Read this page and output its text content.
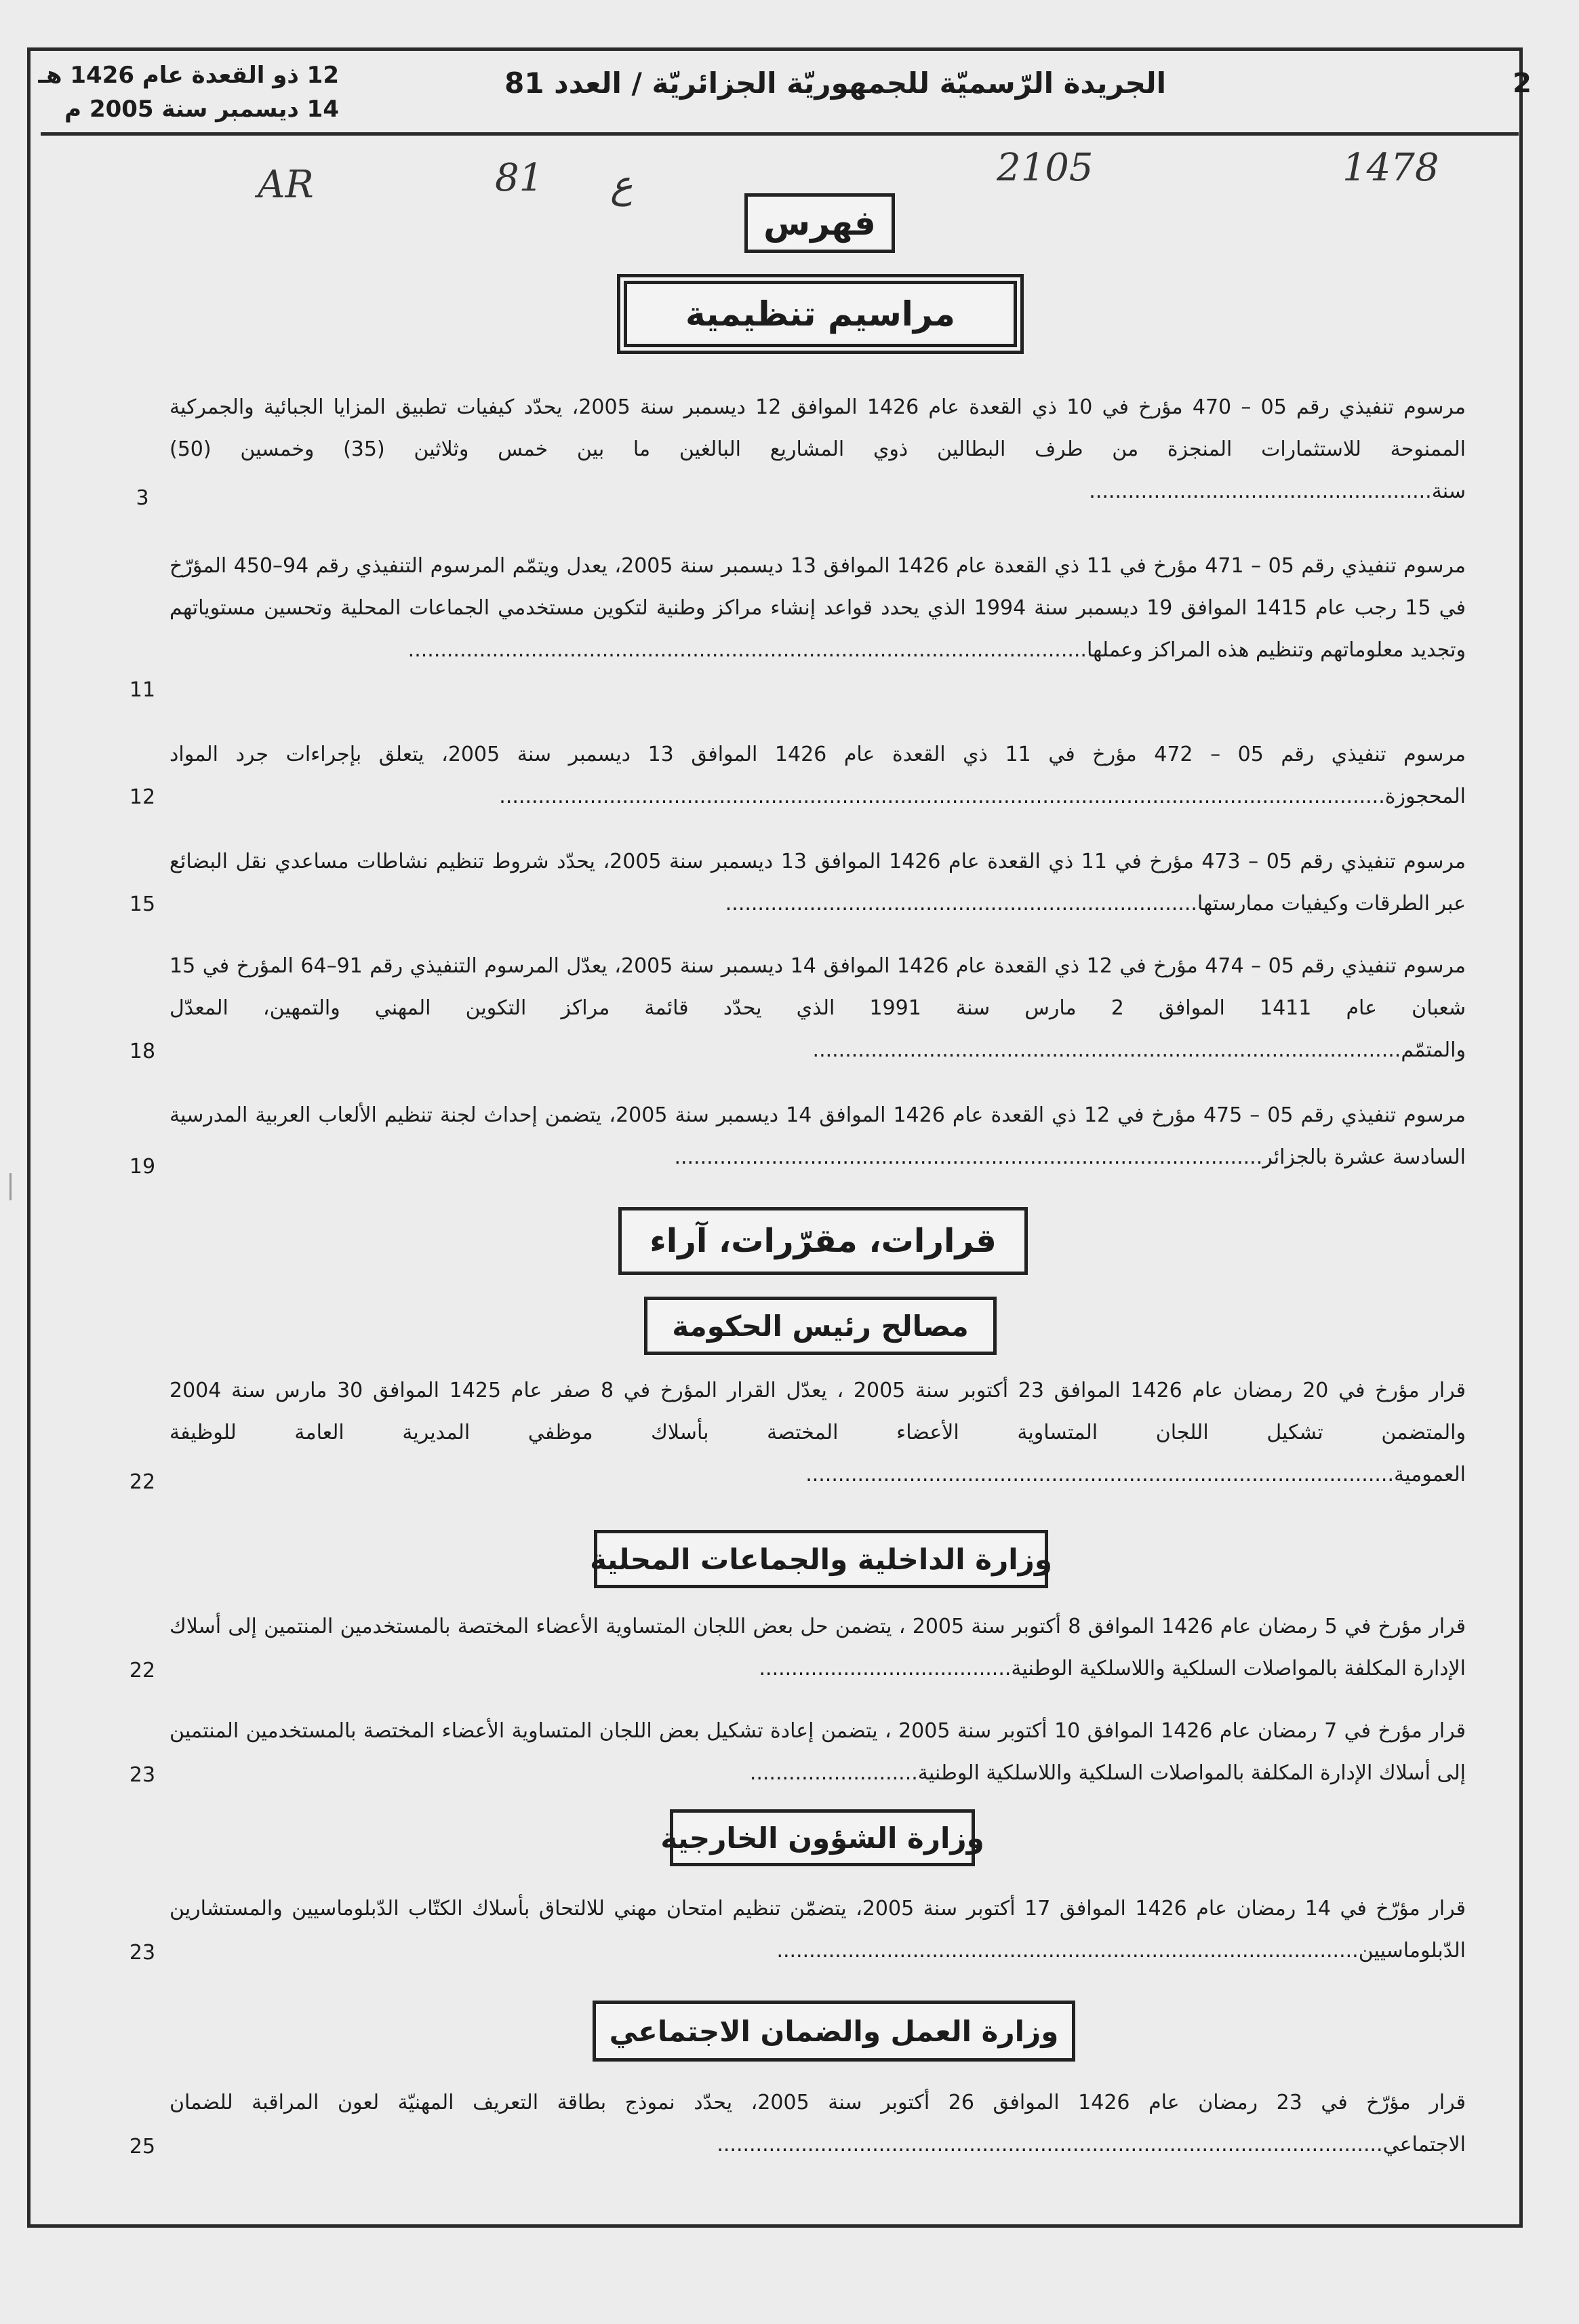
2
الجريدة الرّسميّة للجمهوريّة الجزائريّة / العدد 81
12 ذو القعدة عام 1426 هـ
14 ديسمبر سنة 2005 م
AR	81 ع	2105	1478
فهرس
مراسيم تنظيمية
مرسوم تنفيذي رقم 05 – 470 مؤرخ في 10 ذي القعدة عام 1426 الموافق 12 ديسمبر سنة 2005، يحدّد كيفيات تطبيق المزايا الجبائية والجمركية الممنوحة للاستثمارات المنجزة من طرف البطالين ذوي المشاريع البالغين ما بين خمس وثلاثين (35) وخمسين (50) سنة.....................................................
3
مرسوم تنفيذي رقم 05 – 471 مؤرخ في 11 ذي القعدة عام 1426 الموافق 13 ديسمبر سنة 2005، يعدل ويتمّم المرسوم التنفيذي رقم 94–450 المؤرّخ في 15 رجب عام 1415 الموافق 19 ديسمبر سنة 1994 الذي يحدد قواعد إنشاء مراكز وطنية لتكوين مستخدمي الجماعات المحلية وتحسين مستوياتهم وتجديد معلوماتهم وتنظيم هذه المراكز وعملها.........................................................................................................
11
مرسوم تنفيذي رقم 05 – 472 مؤرخ في 11 ذي القعدة عام 1426 الموافق 13 ديسمبر سنة 2005، يتعلق بإجراءات جرد المواد المحجوزة.........................................................................................................................................
12
مرسوم تنفيذي رقم 05 – 473 مؤرخ في 11 ذي القعدة عام 1426 الموافق 13 ديسمبر سنة 2005، يحدّد شروط تنظيم نشاطات مساعدي نقل البضائع عبر الطرقات وكيفيات ممارستها.........................................................................
15
مرسوم تنفيذي رقم 05 – 474 مؤرخ في 12 ذي القعدة عام 1426 الموافق 14 ديسمبر سنة 2005، يعدّل المرسوم التنفيذي رقم 91–64 المؤرخ في 15 شعبان عام 1411 الموافق 2 مارس سنة 1991 الذي يحدّد قائمة مراكز التكوين المهني والتمهين، المعدّل والمتمّم...........................................................................................
18
مرسوم تنفيذي رقم 05 – 475 مؤرخ في 12 ذي القعدة عام 1426 الموافق 14 ديسمبر سنة 2005، يتضمن إحداث لجنة تنظيم الألعاب العربية المدرسية السادسة عشرة بالجزائر...........................................................................................
19
قرارات، مقرّرات، آراء
مصالح رئيس الحكومة
قرار مؤرخ في 20 رمضان عام 1426 الموافق 23 أكتوبر سنة 2005 ، يعدّل القرار المؤرخ في 8 صفر عام 1425 الموافق 30 مارس سنة 2004 والمتضمن تشكيل اللجان المتساوية الأعضاء المختصة بأسلاك موظفي المديرية العامة للوظيفة العمومية...........................................................................................
22
وزارة الداخلية والجماعات المحلية
قرار مؤرخ في 5 رمضان عام 1426 الموافق 8 أكتوبر سنة 2005 ، يتضمن حل بعض اللجان المتساوية الأعضاء المختصة بالمستخدمين المنتمين إلى أسلاك الإدارة المكلفة بالمواصلات السلكية واللاسلكية الوطنية.......................................
22
قرار مؤرخ في 7 رمضان عام 1426 الموافق 10 أكتوبر سنة 2005 ، يتضمن إعادة تشكيل بعض اللجان المتساوية الأعضاء المختصة بالمستخدمين المنتمين إلى أسلاك الإدارة المكلفة بالمواصلات السلكية واللاسلكية الوطنية..........................
23
وزارة الشؤون الخارجية
قرار مؤرّخ في 14 رمضان عام 1426 الموافق 17 أكتوبر سنة 2005، يتضمّن تنظيم امتحان مهني للالتحاق بأسلاك الكتّاب الدّبلوماسيين والمستشارين الدّبلوماسيين..........................................................................................
23
وزارة العمل والضمان الاجتماعي
قرار مؤرّخ في 23 رمضان عام 1426 الموافق 26 أكتوبر سنة 2005، يحدّد نموذج بطاقة التعريف المهنيّة لعون المراقبة للضمان الاجتماعي.......................................................................................................
25
